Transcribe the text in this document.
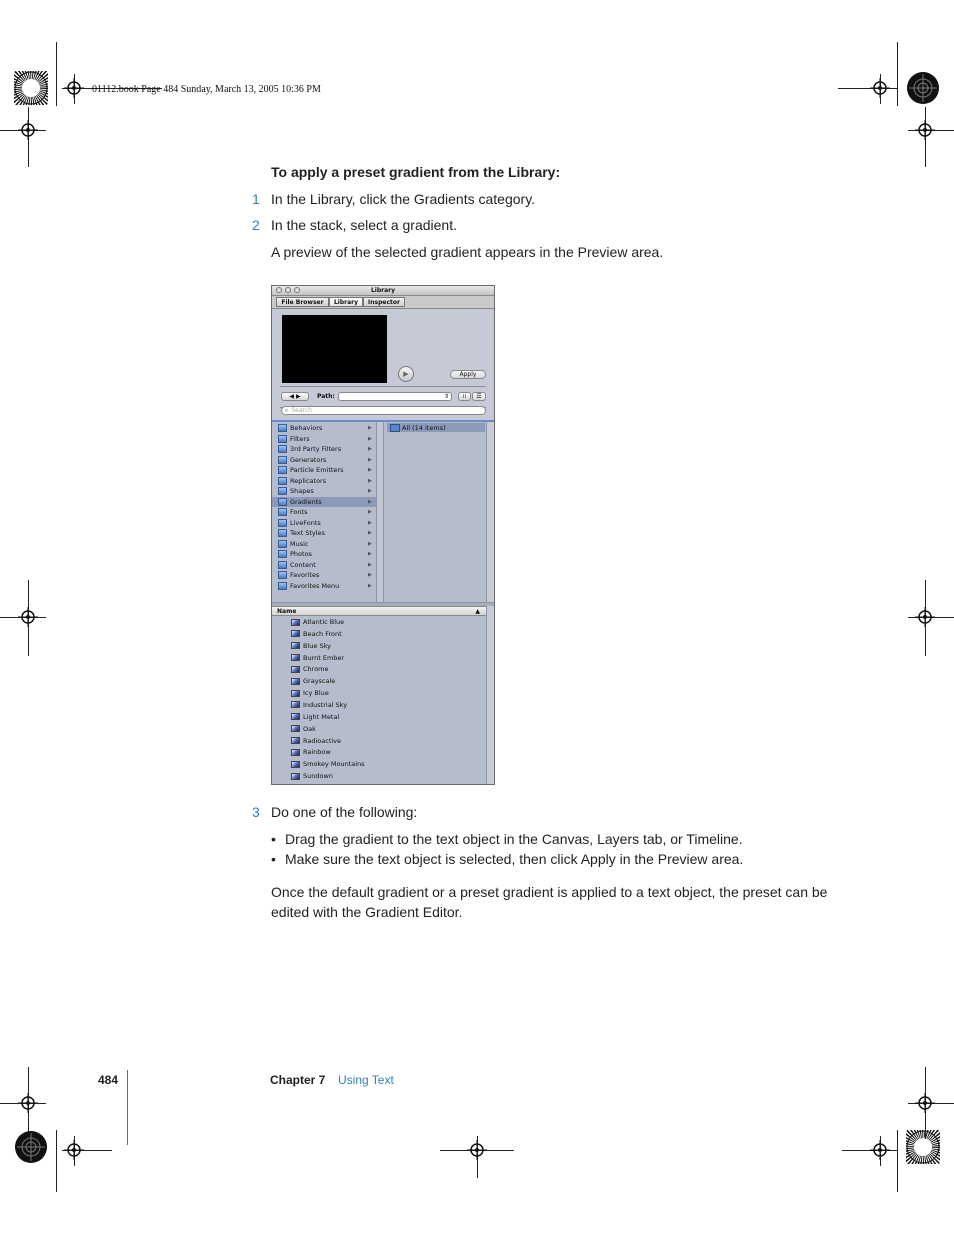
01112.book Page 484 Sunday, March 13, 2005 10:36 PM
To apply a preset gradient from the Library:
1 In the Library, click the Gradients category.
2 In the stack, select a gradient.
A preview of the selected gradient appears in the Preview area.
Library
File Browser	Library	Inspector
▶	Apply
◀
▶	Path:	⇕	⁞⁞ ☰
⌕ Search
Behaviors	▶
Filters	▶
3rd Party Filters	▶
Generators	▶
Particle Emitters	▶
Replicators	▶
Shapes	▶
Gradients	▶
Fonts	▶
LiveFonts	▶
Text Styles	▶
Music	▶
Photos	▶
Content	▶
Favorites	▶
Favorites Menu	▶
All (14 items)
Name	▲
Atlantic Blue
Beach Front
Blue Sky
Burnt Ember
Chrome
Grayscale
Icy Blue
Industrial Sky
Light Metal
Oak
Radioactive
Rainbow
Smokey Mountains
Sundown
3 Do one of the following:
• Drag the gradient to the text object in the Canvas, Layers tab, or Timeline.
• Make sure the text object is selected, then click Apply in the Preview area.
Once the default gradient or a preset gradient is applied to a text object, the preset can be edited with the Gradient Editor.
484	Chapter 7 Using Text
